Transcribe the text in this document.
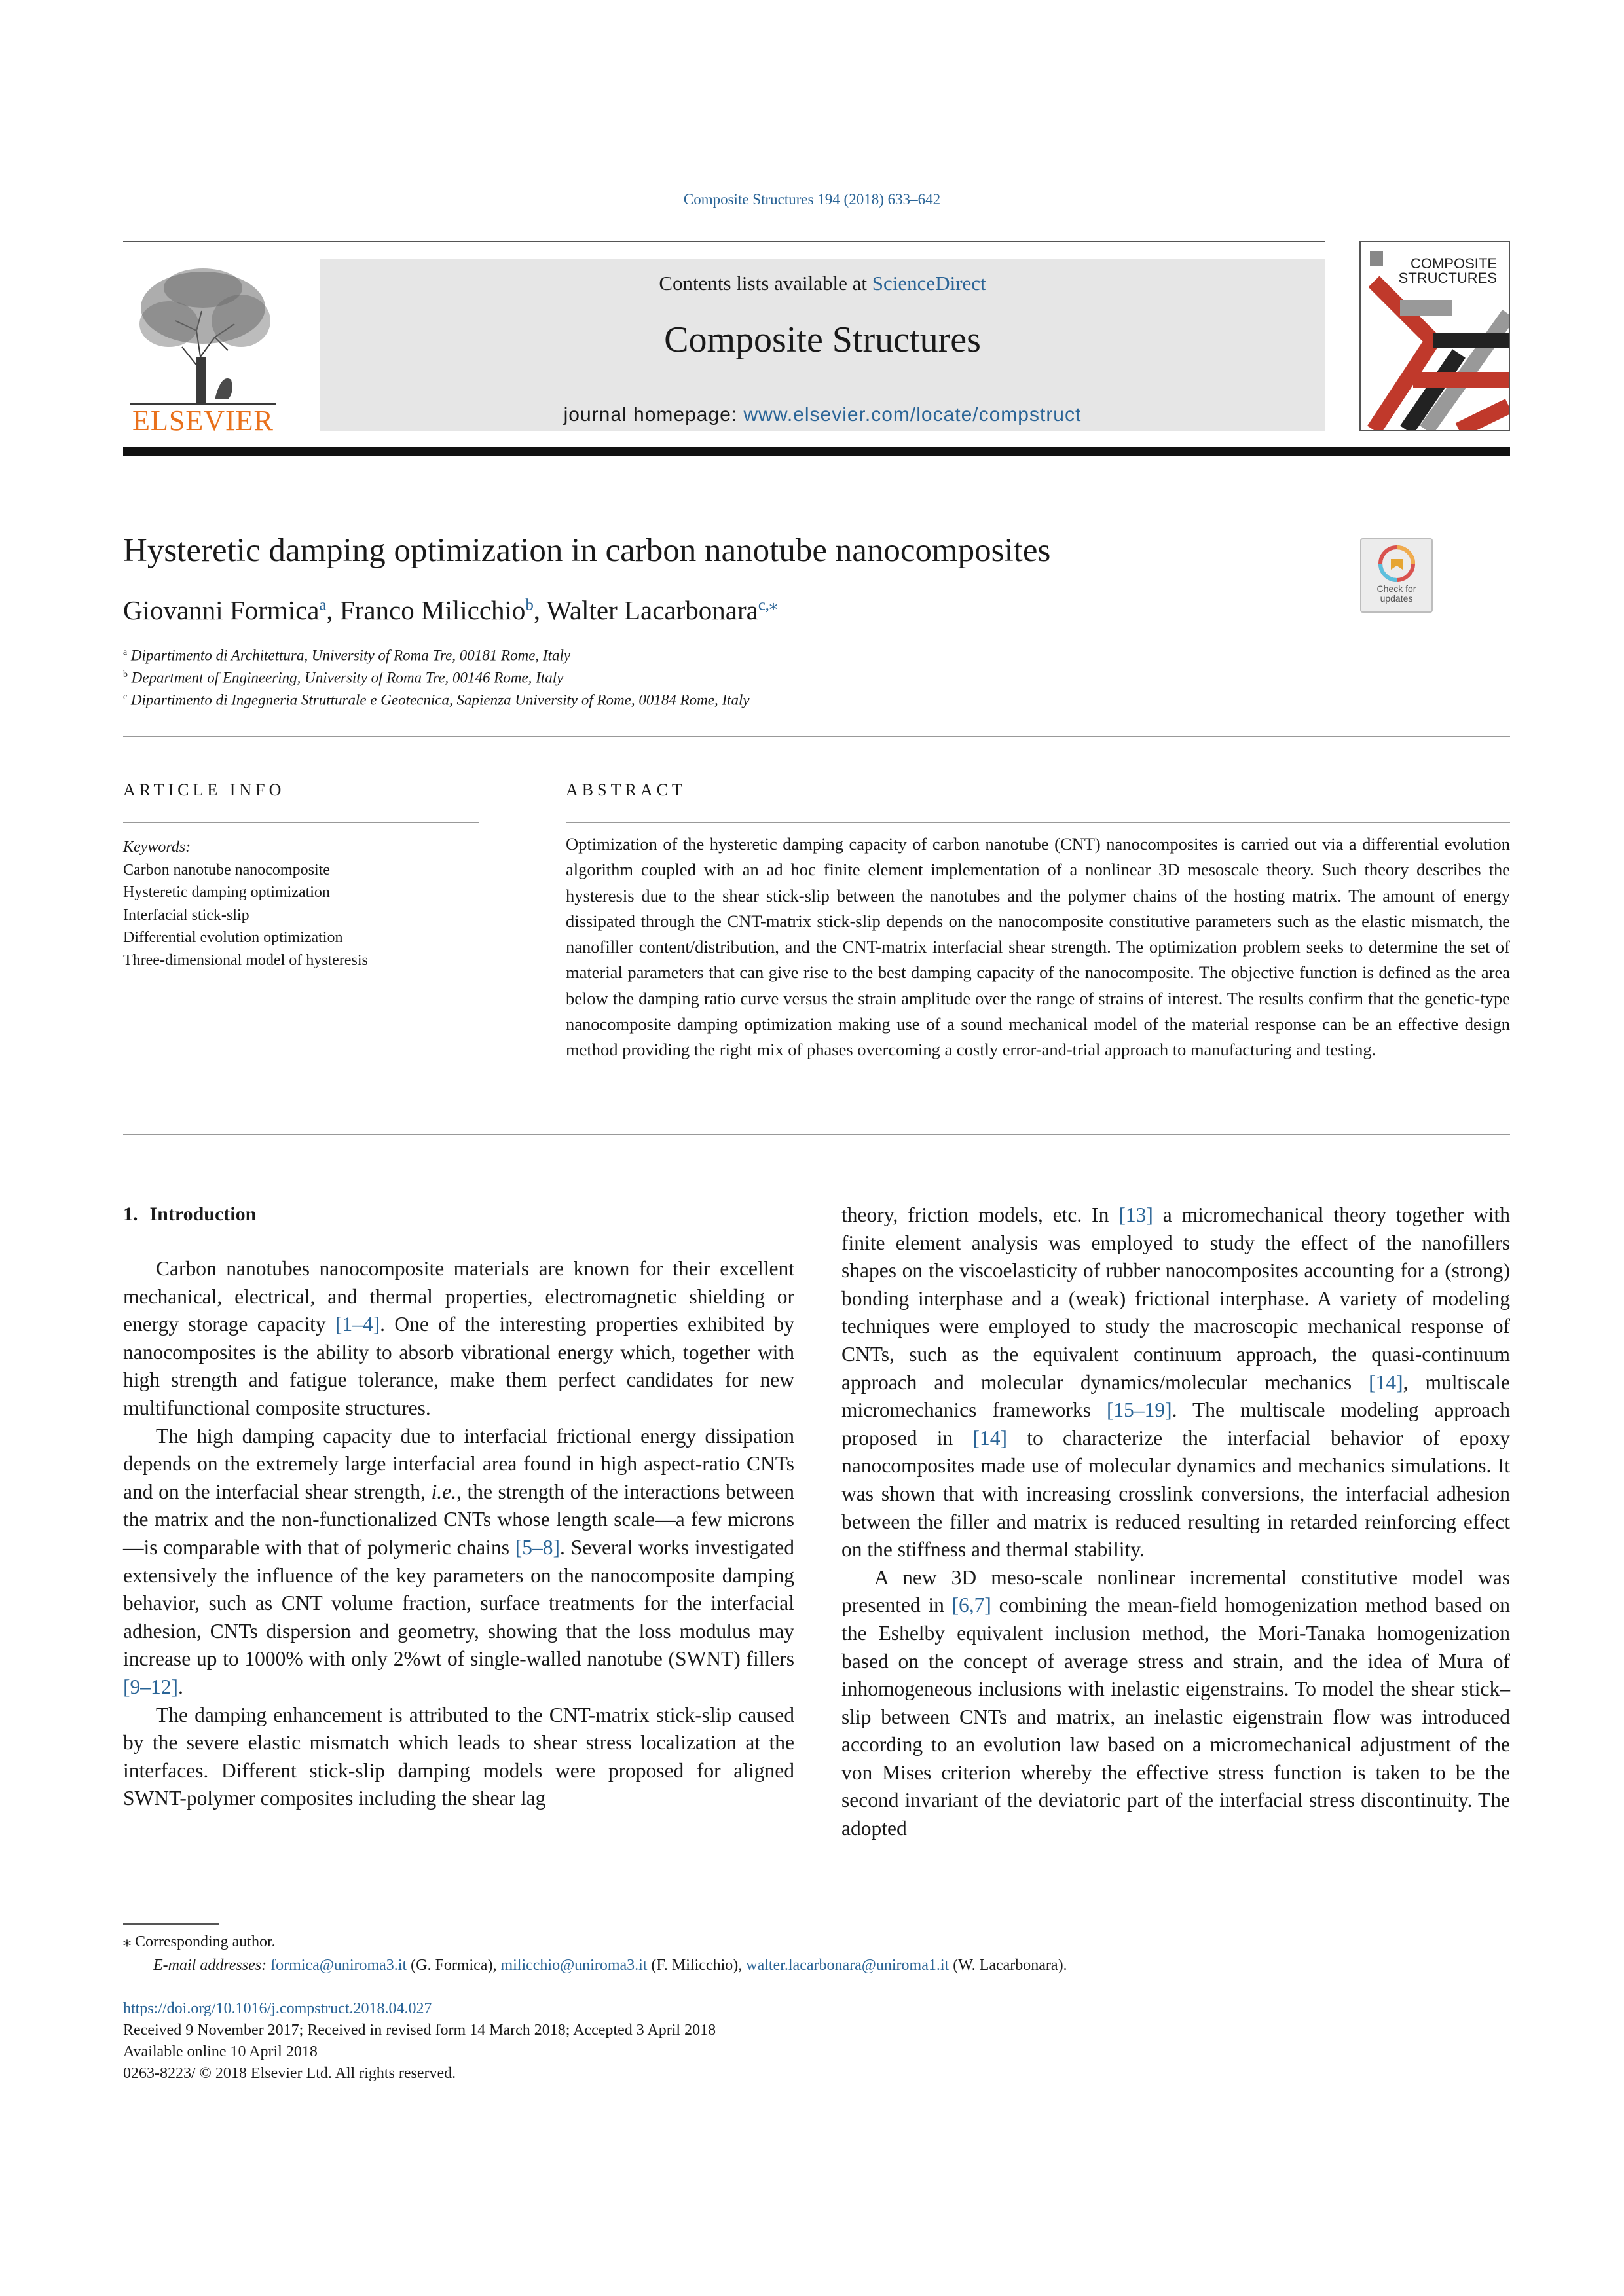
Composite Structures 194 (2018) 633–642
ELSEVIER
Contents lists available at ScienceDirect
Composite Structures
journal homepage: www.elsevier.com/locate/compstruct
COMPOSITE
STRUCTURES
Hysteretic damping optimization in carbon nanotube nanocomposites
Check for
updates
Giovanni Formica$^a$, Franco Milicchio$^b$, Walter Lacarbonara$^{c,⁎}$
$^a$ Dipartimento di Architettura, University of Roma Tre, 00181 Rome, Italy
$^b$ Department of Engineering, University of Roma Tre, 00146 Rome, Italy
$^c$ Dipartimento di Ingegneria Strutturale e Geotecnica, Sapienza University of Rome, 00184 Rome, Italy
ARTICLE INFO	ABSTRACT
Keywords:
Carbon nanotube nanocomposite
Hysteretic damping optimization
Interfacial stick-slip
Differential evolution optimization
Three-dimensional model of hysteresis
Optimization of the hysteretic damping capacity of carbon nanotube (CNT) nanocomposites is carried out via a differential evolution algorithm coupled with an ad hoc finite element implementation of a nonlinear 3D mesoscale theory. Such theory describes the hysteresis due to the shear stick-slip between the nanotubes and the polymer chains of the hosting matrix. The amount of energy dissipated through the CNT-matrix stick-slip depends on the nanocomposite constitutive parameters such as the elastic mismatch, the nanofiller content/distribution, and the CNT-matrix interfacial shear strength. The optimization problem seeks to determine the set of material parameters that can give rise to the best damping capacity of the nanocomposite. The objective function is defined as the area below the damping ratio curve versus the strain amplitude over the range of strains of interest. The results confirm that the genetic-type nanocomposite damping optimization making use of a sound mechanical model of the material response can be an effective design method providing the right mix of phases overcoming a costly error-and-trial approach to manufacturing and testing.
1. Introduction

Carbon nanotubes nanocomposite materials are known for their excellent mechanical, electrical, and thermal properties, electromagnetic shielding or energy storage capacity [1–4]. One of the interesting properties exhibited by nanocomposites is the ability to absorb vibrational energy which, together with high strength and fatigue tolerance, make them perfect candidates for new multifunctional composite structures.

The high damping capacity due to interfacial frictional energy dissipation depends on the extremely large interfacial area found in high aspect-ratio CNTs and on the interfacial shear strength, i.e., the strength of the interactions between the matrix and the non-functionalized CNTs whose length scale—a few microns—is comparable with that of polymeric chains [5–8]. Several works investigated extensively the influence of the key parameters on the nanocomposite damping behavior, such as CNT volume fraction, surface treatments for the interfacial adhesion, CNTs dispersion and geometry, showing that the loss modulus may increase up to 1000% with only 2%wt of single-walled nanotube (SWNT) fillers [9–12].

The damping enhancement is attributed to the CNT-matrix stick-slip caused by the severe elastic mismatch which leads to shear stress localization at the interfaces. Different stick-slip damping models were proposed for aligned SWNT-polymer composites including the shear lag

theory, friction models, etc. In [13] a micromechanical theory together with finite element analysis was employed to study the effect of the nanofillers shapes on the viscoelasticity of rubber nanocomposites accounting for a (strong) bonding interphase and a (weak) frictional interphase. A variety of modeling techniques were employed to study the macroscopic mechanical response of CNTs, such as the equivalent continuum approach, the quasi-continuum approach and molecular dynamics/molecular mechanics [14], multiscale micromechanics frameworks [15–19]. The multiscale modeling approach proposed in [14] to characterize the interfacial behavior of epoxy nanocomposites made use of molecular dynamics and mechanics simulations. It was shown that with increasing crosslink conversions, the interfacial adhesion between the filler and matrix is reduced resulting in retarded reinforcing effect on the stiffness and thermal stability.

A new 3D meso-scale nonlinear incremental constitutive model was presented in [6,7] combining the mean-field homogenization method based on the Eshelby equivalent inclusion method, the Mori-Tanaka homogenization based on the concept of average stress and strain, and the idea of Mura of inhomogeneous inclusions with inelastic eigenstrains. To model the shear stick–slip between CNTs and matrix, an inelastic eigenstrain flow was introduced according to an evolution law based on a micromechanical adjustment of the von Mises criterion whereby the effective stress function is taken to be the second invariant of the deviatoric part of the interfacial stress discontinuity. The adopted

⁎ Corresponding author.
E-mail addresses: formica@uniroma3.it (G. Formica), milicchio@uniroma3.it (F. Milicchio), walter.lacarbonara@uniroma1.it (W. Lacarbonara).
https://doi.org/10.1016/j.compstruct.2018.04.027
Received 9 November 2017; Received in revised form 14 March 2018; Accepted 3 April 2018
Available online 10 April 2018
0263-8223/ © 2018 Elsevier Ltd. All rights reserved.
